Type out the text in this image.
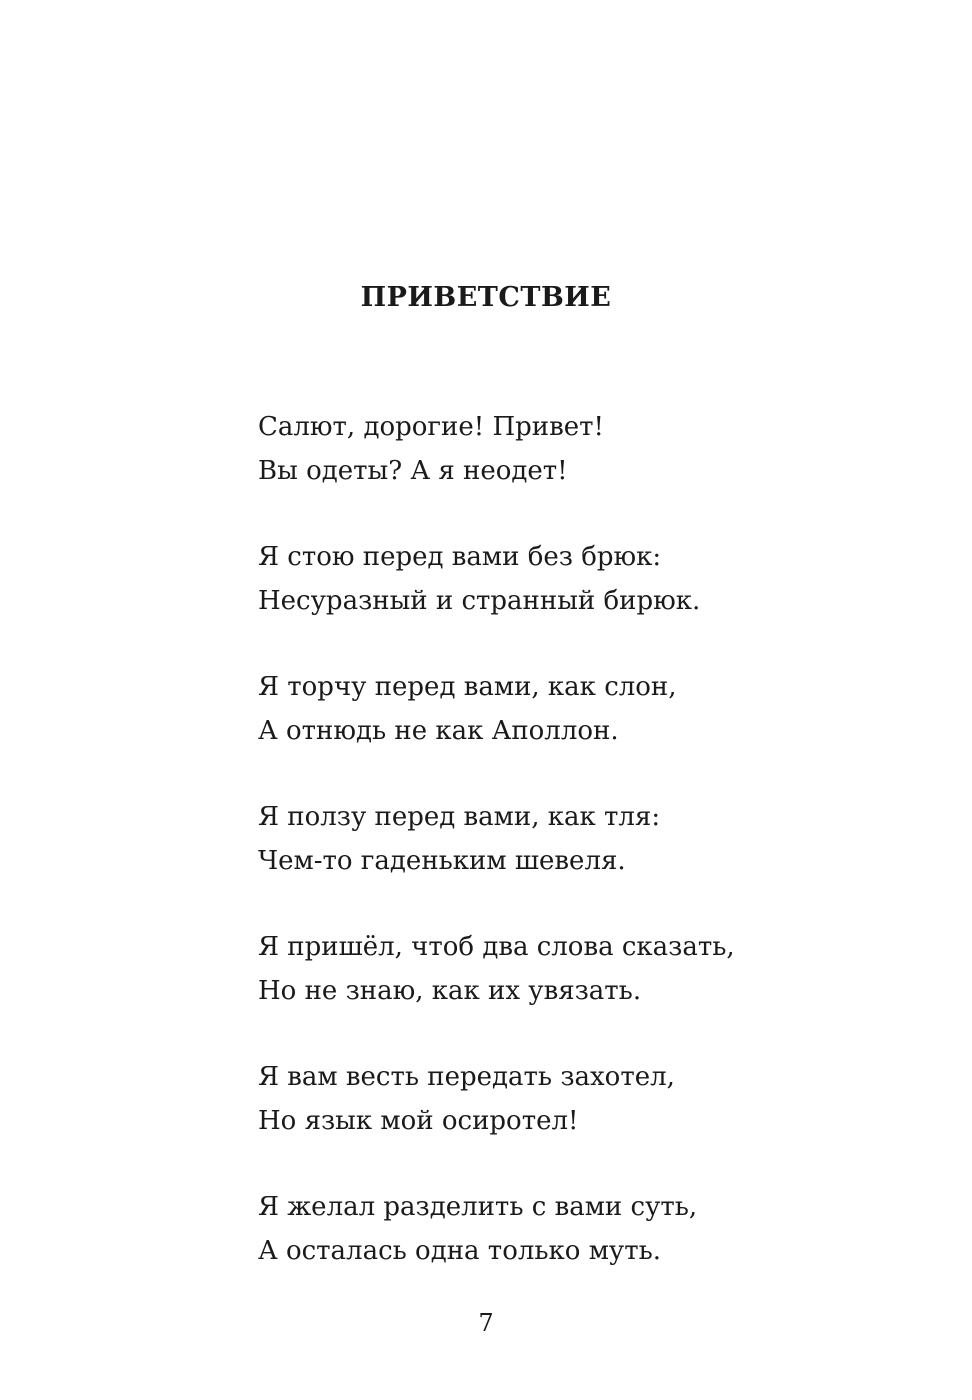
ПРИВЕТСТВИЕ
Салют, дорогие! Привет!
Вы одеты? А я неодет!
Я стою перед вами без брюк:
Несуразный и странный бирюк.
Я торчу перед вами, как слон,
А отнюдь не как Аполлон.
Я ползу перед вами, как тля:
Чем-то гаденьким шевеля.
Я пришёл, чтоб два слова сказать,
Но не знаю, как их увязать.
Я вам весть передать захотел,
Но язык мой осиротел!
Я желал разделить с вами суть,
А осталась одна только муть.
7
